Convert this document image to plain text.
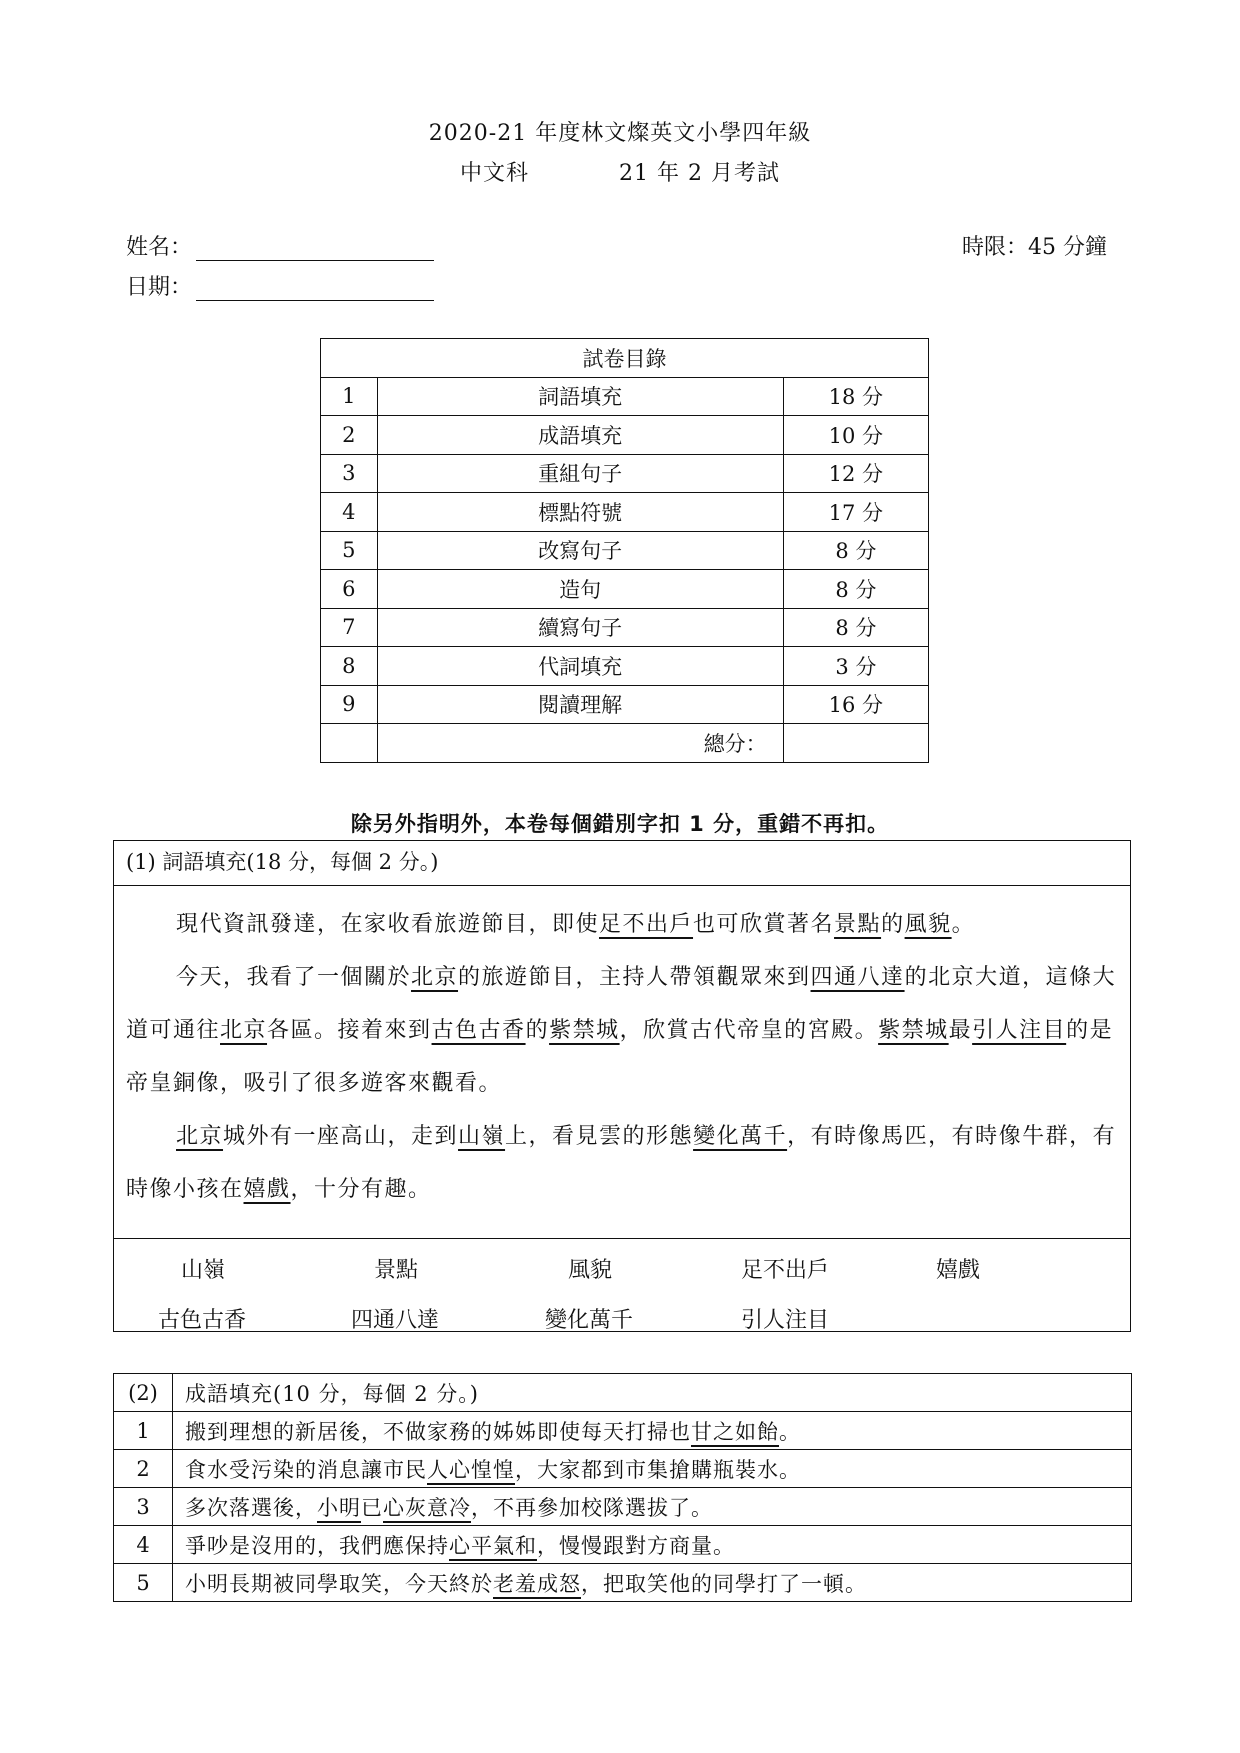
2020-21 年度林文燦英文小學四年級
中文科	21 年 2 月考試
姓名：
日期：
時限：45 分鐘
試卷目錄		
1	詞語填充	18 分
2	成語填充	10 分
3	重組句子	12 分
4	標點符號	17 分
5	改寫句子	8 分
6	造句	8 分
7	續寫句子	8 分
8	代詞填充	3 分
9	閱讀理解	16 分
	總分：	
除另外指明外，本卷每個錯別字扣 1 分，重錯不再扣。
(1) 詞語填充(18 分，每個 2 分。)

現代資訊發達，在家收看旅遊節目，即使足不出戶也可欣賞著名景點的風貌。

今天，我看了一個關於北京的旅遊節目，主持人帶領觀眾來到四通八達的北京大道，這條大道可通往北京各區。接着來到古色古香的紫禁城，欣賞古代帝皇的宮殿。紫禁城最引人注目的是帝皇銅像，吸引了很多遊客來觀看。

北京城外有一座高山，走到山嶺上，看見雲的形態變化萬千，有時像馬匹，有時像牛群，有時像小孩在嬉戲，十分有趣。

山嶺	景點	風貌	足不出戶	嬉戲
古色古香	四通八達	變化萬千	引人注目
(2)	成語填充(10 分，每個 2 分。)
1	搬到理想的新居後，不做家務的姊姊即使每天打掃也甘之如飴。
2	食水受污染的消息讓市民人心惶惶，大家都到市集搶購瓶裝水。
3	多次落選後，小明已心灰意冷，不再參加校隊選拔了。
4	爭吵是沒用的，我們應保持心平氣和，慢慢跟對方商量。
5	小明長期被同學取笑，今天終於老羞成怒，把取笑他的同學打了一頓。
